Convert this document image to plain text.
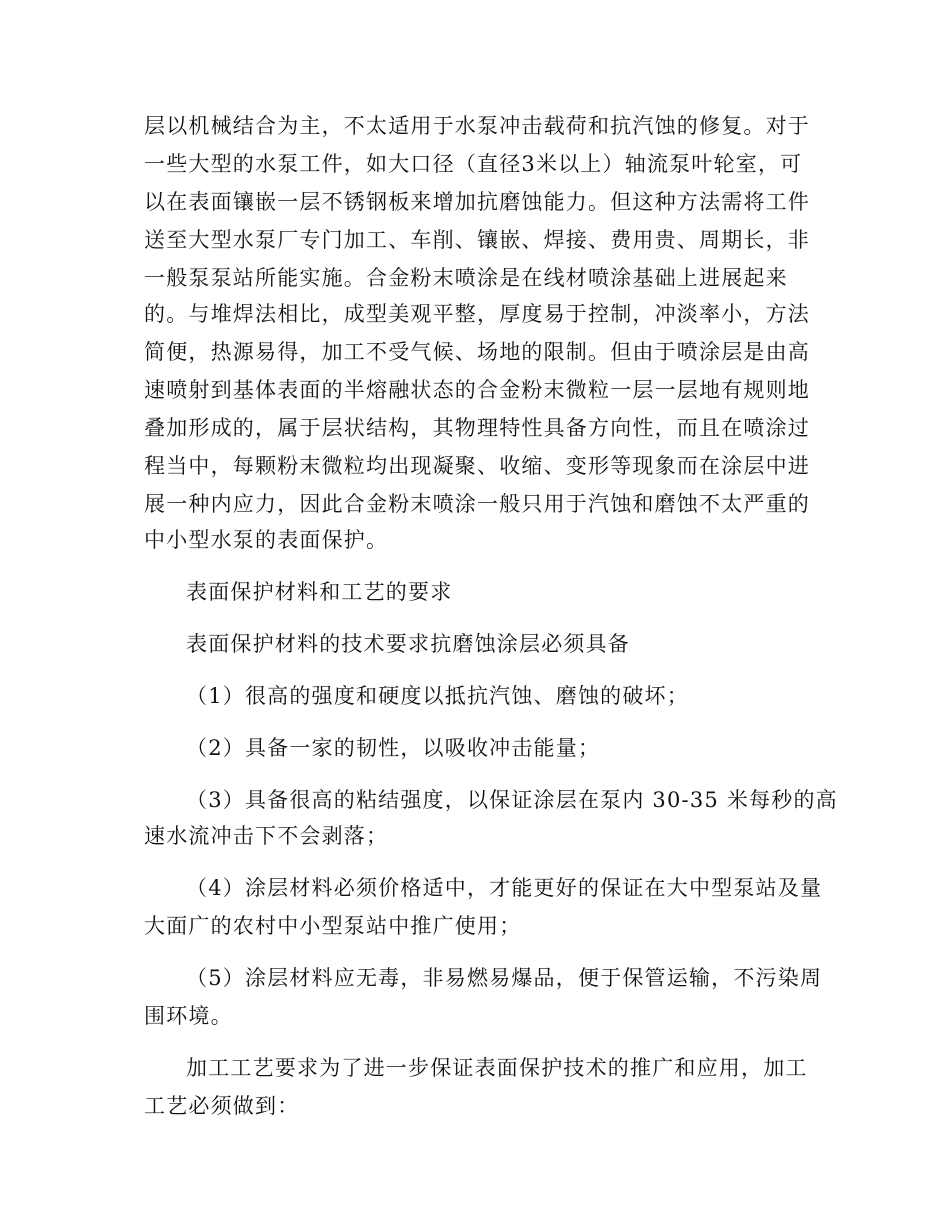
层以机械结合为主，不太适用于水泵冲击载荷和抗汽蚀的修复。对于
一些大型的水泵工件，如大口径（直径3米以上）轴流泵叶轮室，可
以在表面镶嵌一层不锈钢板来增加抗磨蚀能力。但这种方法需将工件
送至大型水泵厂专门加工、车削、镶嵌、焊接、费用贵、周期长，非
一般泵泵站所能实施。合金粉末喷涂是在线材喷涂基础上进展起来
的。与堆焊法相比，成型美观平整，厚度易于控制，冲淡率小，方法
简便，热源易得，加工不受气候、场地的限制。但由于喷涂层是由高
速喷射到基体表面的半熔融状态的合金粉末微粒一层一层地有规则地
叠加形成的，属于层状结构，其物理特性具备方向性，而且在喷涂过
程当中，每颗粉末微粒均出现凝聚、收缩、变形等现象而在涂层中进
展一种内应力，因此合金粉末喷涂一般只用于汽蚀和磨蚀不太严重的
中小型水泵的表面保护。
表面保护材料和工艺的要求
表面保护材料的技术要求抗磨蚀涂层必须具备
（1）很高的强度和硬度以抵抗汽蚀、磨蚀的破坏；
（2）具备一家的韧性，以吸收冲击能量；
（3）具备很高的粘结强度，以保证涂层在泵内 30-35 米每秒的高
速水流冲击下不会剥落；
（4）涂层材料必须价格适中，才能更好的保证在大中型泵站及量
大面广的农村中小型泵站中推广使用；
（5）涂层材料应无毒，非易燃易爆品，便于保管运输，不污染周
围环境。
加工工艺要求为了进一步保证表面保护技术的推广和应用，加工
工艺必须做到：
